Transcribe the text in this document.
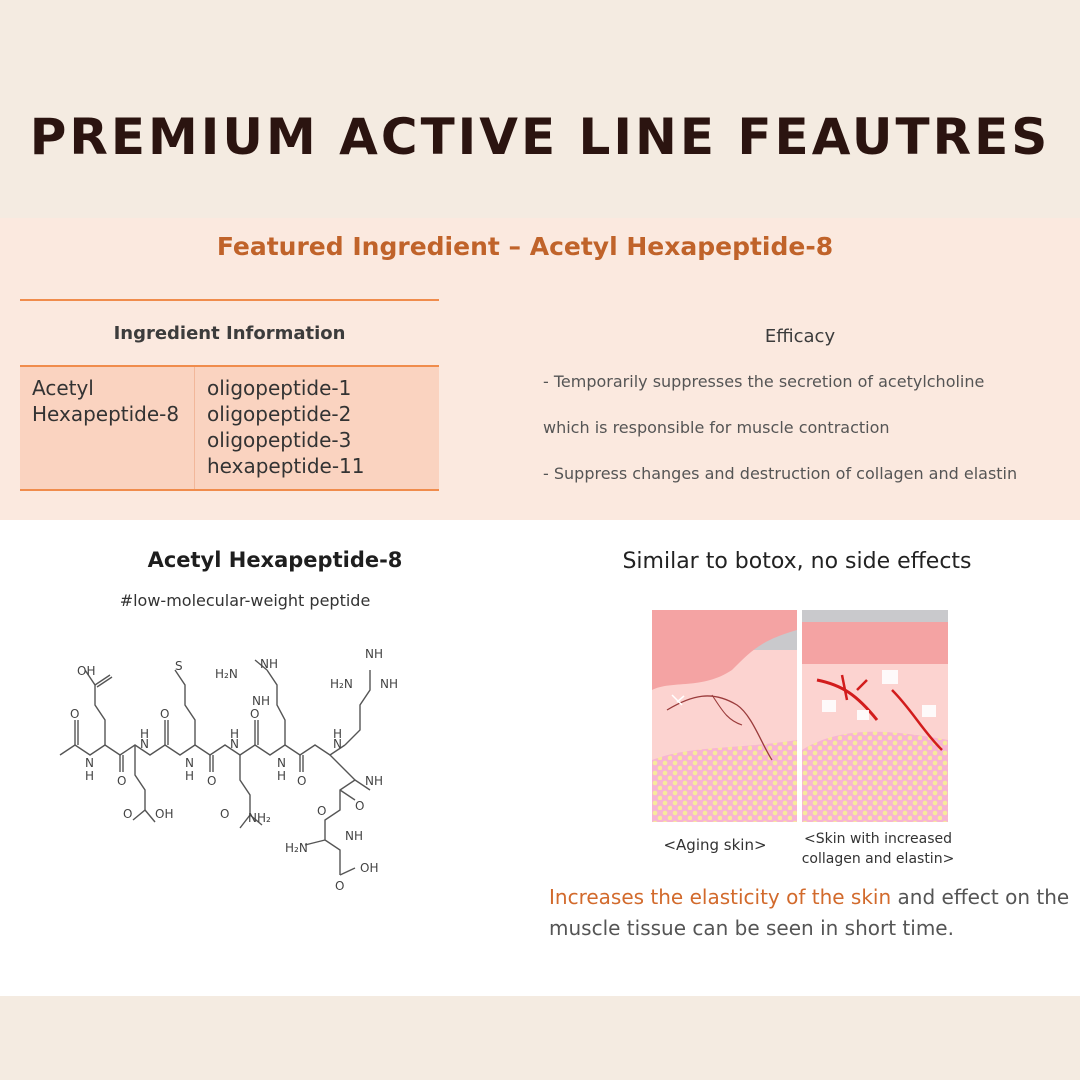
PREMIUM ACTIVE LINE FEAUTRES
Featured Ingredient – Acetyl Hexapeptide-8
Ingredient Information
Acetyl
Hexapeptide-8
oligopeptide-1
oligopeptide-2
oligopeptide-3
hexapeptide-11
Efficacy
- Temporarily suppresses the secretion of acetylcholine
which is responsible for muscle contraction
- Suppress changes and destruction of collagen and elastin
Acetyl Hexapeptide-8
#low-molecular-weight peptide
OH
O
N
H O
H
N
S
O
N
H O
H₂N
NH
NH
H
N
O
N
H O
NH
H₂N NH
H
N
O OH	O NH₂
NH
O
NH
H₂N
O
OH
O
Similar to botox, no side effects
<Aging skin>	<Skin with increased
collagen and elastin>
Increases the elasticity of the skin and effect on the muscle tissue can be seen in short time.
